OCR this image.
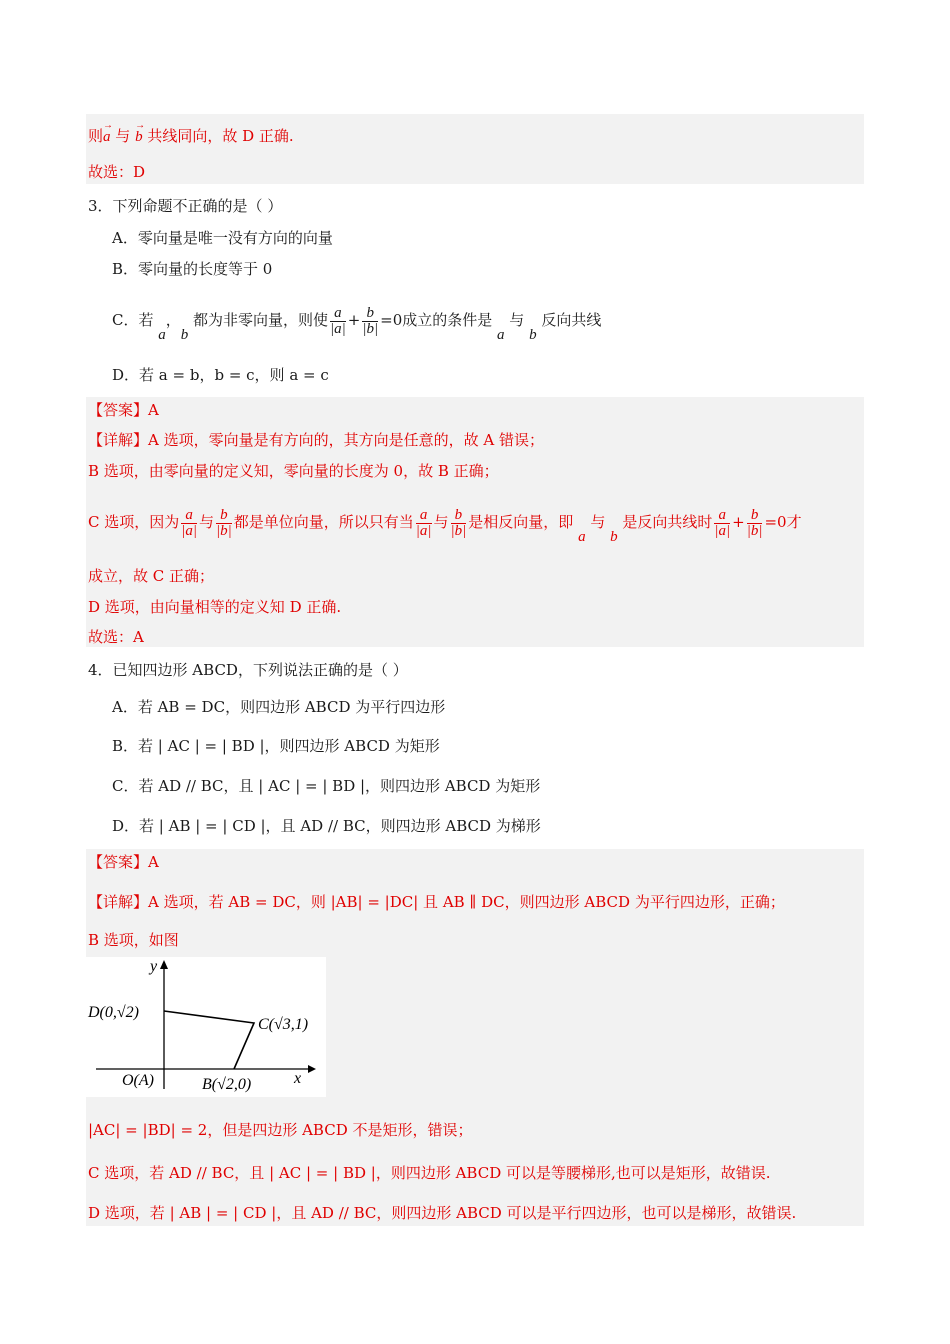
则→ a 与 → b 共线同向，故 D 正确.
故选：D
3．下列命题不正确的是（ ）
A．零向量是唯一没有方向的向量
B．零向量的长度等于 0
C．若 a，b 都为非零向量，则使 $\frac{a}{|a|} + \frac{b}{|b|} =0$成立的条件是 a 与 b 反向共线
D．若 a = b，b = c，则 a = c
【答案】A
【详解】A 选项，零向量是有方向的，其方向是任意的，故 A 错误；
B 选项，由零向量的定义知，零向量的长度为 0，故 B 正确；
C 选项，因为 $\frac{a}{|a|}$ 与 $\frac{b}{|b|}$ 都是单位向量，所以只有当 $\frac{a}{|a|}$ 与 $\frac{b}{|b|}$ 是相反向量，即 a 与 b 是反向共线时 $\frac{a}{|a|} + \frac{b}{|b|} =0$才
成立，故 C 正确；
D 选项，由向量相等的定义知 D 正确.
故选：A
4．已知四边形 ABCD，下列说法正确的是（ ）
A．若 AB = DC，则四边形 ABCD 为平行四边形
B．若 | AC | = | BD |，则四边形 ABCD 为矩形
C．若 AD // BC，且 | AC | = | BD |，则四边形 ABCD 为矩形
D．若 | AB | = | CD |，且 AD // BC，则四边形 ABCD 为梯形
【答案】A
【详解】A 选项，若 AB = DC，则 |AB| = |DC| 且 AB ∥ DC，则四边形 ABCD 为平行四边形，正确；
B 选项，如图
y
x
D(0,√2)
C(√3,1)
B(√2,0)
O(A)
|AC| = |BD| = 2，但是四边形 ABCD 不是矩形，错误；
C 选项，若 AD // BC，且 | AC | = | BD |，则四边形 ABCD 可以是等腰梯形,也可以是矩形，故错误.
D 选项，若 | AB | = | CD |，且 AD // BC，则四边形 ABCD 可以是平行四边形，也可以是梯形，故错误.
